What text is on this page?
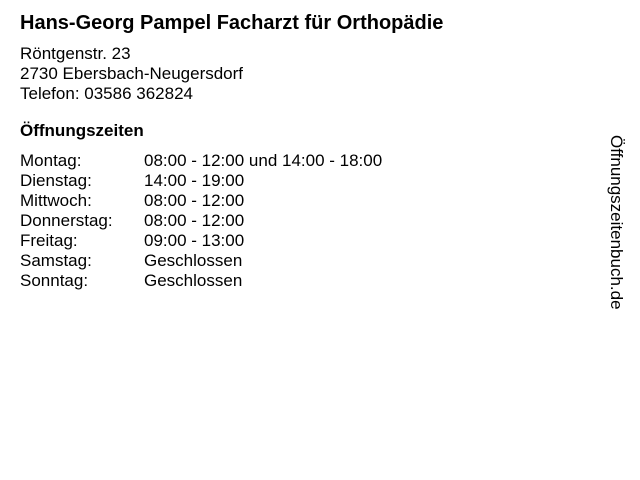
Hans-Georg Pampel Facharzt für Orthopädie
Röntgenstr. 23
2730 Ebersbach-Neugersdorf
Telefon: 03586 362824
Öffnungszeiten
Montag:	08:00 - 12:00 und 14:00 - 18:00
Dienstag:	14:00 - 19:00
Mittwoch:	08:00 - 12:00
Donnerstag:	08:00 - 12:00
Freitag:	09:00 - 13:00
Samstag:	Geschlossen
Sonntag:	Geschlossen	Öffnungszeitenbuch.de
